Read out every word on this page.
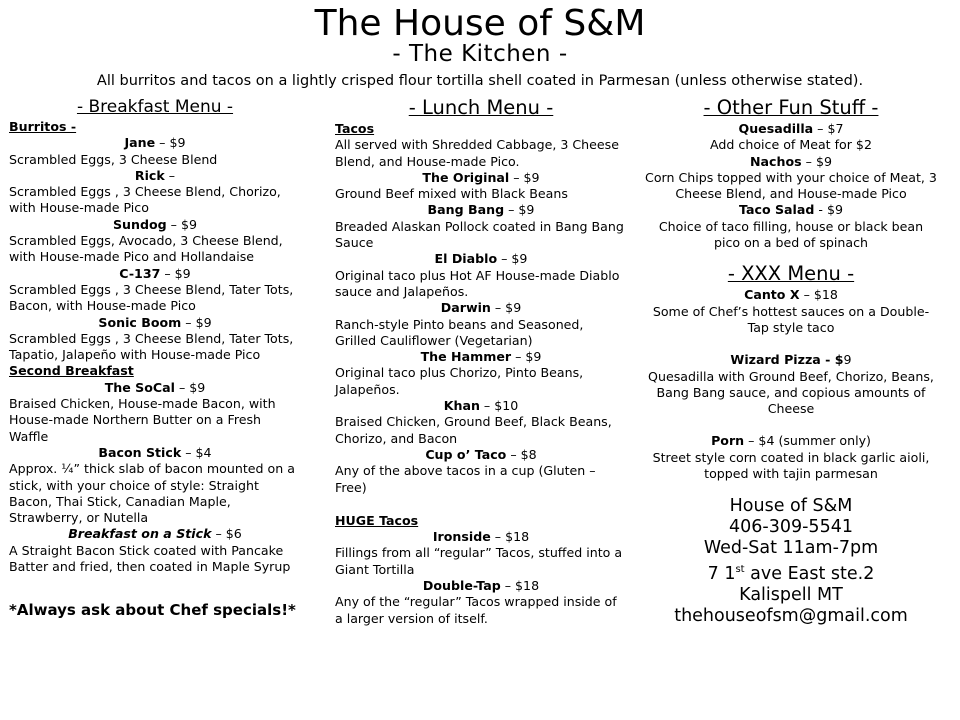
The House of S&M
- The Kitchen -
All burritos and tacos on a lightly crisped flour tortilla shell coated in Parmesan (unless otherwise stated).
- Breakfast Menu -
Burritos -
Jane – $9
Scrambled Eggs, 3 Cheese Blend
Rick –
Scrambled Eggs , 3 Cheese Blend, Chorizo, with House-made Pico
Sundog – $9
Scrambled Eggs, Avocado, 3 Cheese Blend, with House-made Pico and Hollandaise
C-137 – $9
Scrambled Eggs , 3 Cheese Blend, Tater Tots, Bacon, with House-made Pico
Sonic Boom – $9
Scrambled Eggs , 3 Cheese Blend, Tater Tots, Tapatio, Jalapeño with House-made Pico
Second Breakfast
The SoCal – $9
Braised Chicken, House-made Bacon, with House-made Northern Butter on a Fresh Waffle
Bacon Stick – $4
Approx. ¼” thick slab of bacon mounted on a stick, with your choice of style: Straight Bacon, Thai Stick, Canadian Maple, Strawberry, or Nutella
Breakfast on a Stick – $6
A Straight Bacon Stick coated with Pancake Batter and fried, then coated in Maple Syrup
*Always ask about Chef specials!*
- Lunch Menu -
Tacos
All served with Shredded Cabbage, 3 Cheese Blend, and House-made Pico.
The Original – $9
Ground Beef mixed with Black Beans
Bang Bang – $9
Breaded Alaskan Pollock coated in Bang Bang Sauce
El Diablo – $9
Original taco plus Hot AF House-made Diablo sauce and Jalapeños.
Darwin – $9
Ranch-style Pinto beans and Seasoned, Grilled Cauliflower (Vegetarian)
The Hammer – $9
Original taco plus Chorizo, Pinto Beans, Jalapeños.
Khan – $10
Braised Chicken, Ground Beef, Black Beans, Chorizo, and Bacon
Cup o’ Taco – $8
Any of the above tacos in a cup (Gluten – Free)
HUGE Tacos
Ironside – $18
Fillings from all “regular” Tacos, stuffed into a Giant Tortilla
Double-Tap – $18
Any of the “regular” Tacos wrapped inside of a larger version of itself.
- Other Fun Stuff -
Quesadilla – $7
Add choice of Meat for $2
Nachos – $9
Corn Chips topped with your choice of Meat, 3 Cheese Blend, and House-made Pico
Taco Salad - $9
Choice of taco filling, house or black bean pico on a bed of spinach
- XXX Menu -
Canto X – $18
Some of Chef’s hottest sauces on a Double-Tap style taco
Wizard Pizza - $9
Quesadilla with Ground Beef, Chorizo, Beans, Bang Bang sauce, and copious amounts of Cheese
Porn – $4 (summer only)
Street style corn coated in black garlic aioli, topped with tajin parmesan
House of S&M
406-309-5541
Wed-Sat 11am-7pm
7 1st ave East ste.2
Kalispell MT
thehouseofsm@gmail.com
